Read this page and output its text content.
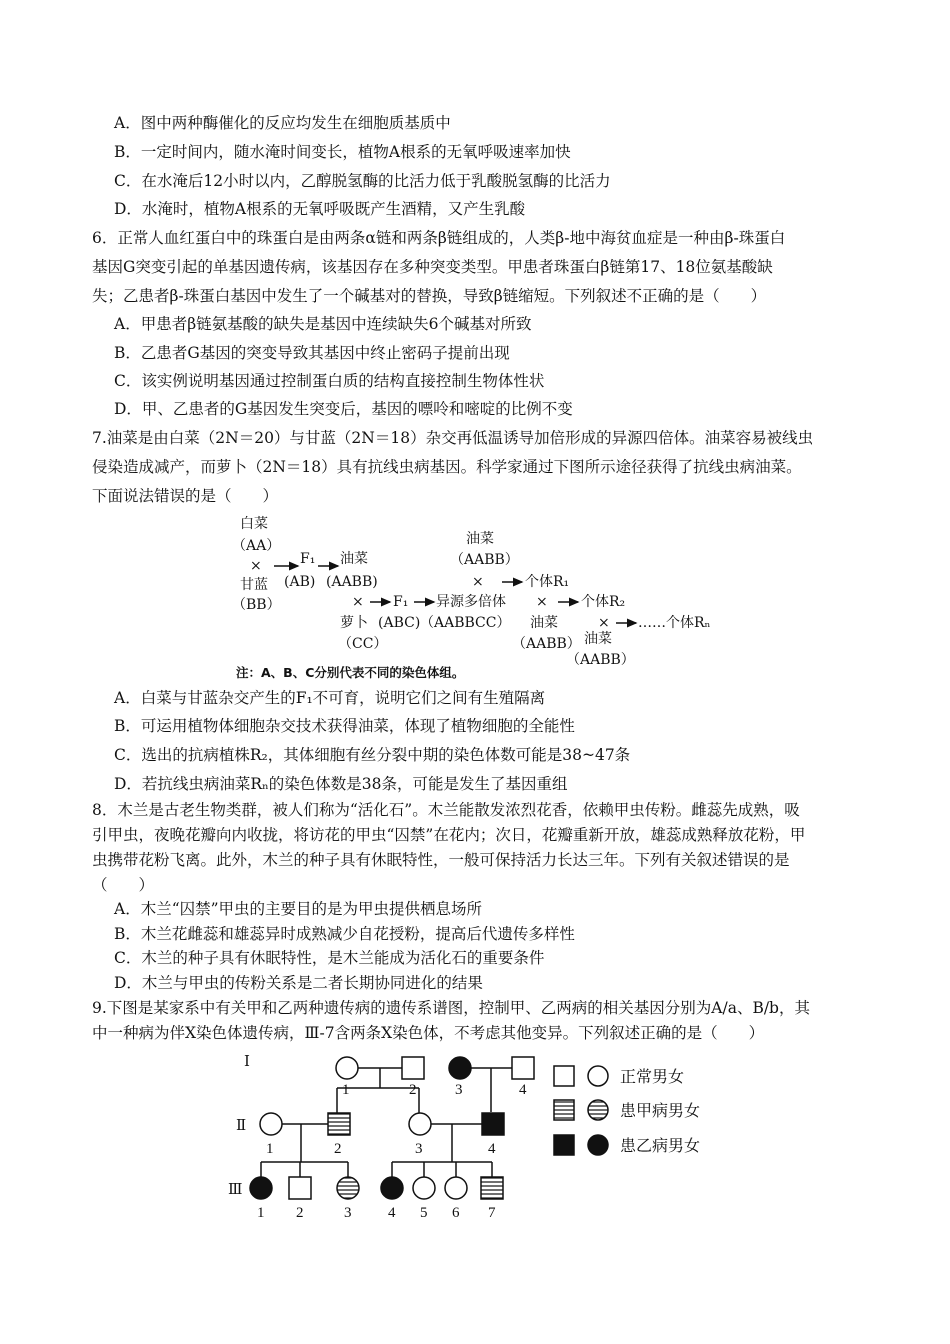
A．图中两种酶催化的反应均发生在细胞质基质中
B．一定时间内，随水淹时间变长，植物A根系的无氧呼吸速率加快
C．在水淹后12小时以内，乙醇脱氢酶的比活力低于乳酸脱氢酶的比活力
D．水淹时，植物A根系的无氧呼吸既产生酒精，又产生乳酸
6．正常人血红蛋白中的珠蛋白是由两条α链和两条β链组成的，人类β-地中海贫血症是一种由β-珠蛋白
基因G突变引起的单基因遗传病，该基因存在多种突变类型。甲患者珠蛋白β链第17、18位氨基酸缺
失；乙患者β-珠蛋白基因中发生了一个碱基对的替换，导致β链缩短。下列叙述不正确的是（　　）
A．甲患者β链氨基酸的缺失是基因中连续缺失6个碱基对所致
B．乙患者G基因的突变导致其基因中终止密码子提前出现
C．该实例说明基因通过控制蛋白质的结构直接控制生物体性状
D．甲、乙患者的G基因发生突变后，基因的嘌呤和嘧啶的比例不变
7.油菜是由白菜（2N＝20）与甘蓝（2N＝18）杂交再低温诱导加倍形成的异源四倍体。油菜容易被线虫
侵染造成减产，而萝卜（2N＝18）具有抗线虫病基因。科学家通过下图所示途径获得了抗线虫病油菜。
下面说法错误的是（　　）
白菜
（AA）
×
甘蓝
（BB）
F₁
(AB)
油菜
(AABB)
× F₁ 异源多倍体
萝卜 (ABC)
（CC）
（AABBCC）
油菜
（AABB）
×	个体R₁
× 个体R₂
油菜
（AABB）
× ……个体Rₙ
油菜
（AABB）
注：A、B、C分别代表不同的染色体组。
A．白菜与甘蓝杂交产生的F₁不可育，说明它们之间有生殖隔离
B．可运用植物体细胞杂交技术获得油菜，体现了植物细胞的全能性
C．选出的抗病植株R₂，其体细胞有丝分裂中期的染色体数可能是38~47条
D．若抗线虫病油菜Rₙ的染色体数是38条，可能是发生了基因重组
8．木兰是古老生物类群，被人们称为“活化石”。木兰能散发浓烈花香，依赖甲虫传粉。雌蕊先成熟，吸
引甲虫，夜晚花瓣向内收拢，将访花的甲虫“囚禁”在花内；次日，花瓣重新开放，雄蕊成熟释放花粉，甲
虫携带花粉飞离。此外，木兰的种子具有休眠特性，一般可保持活力长达三年。下列有关叙述错误的是
（　　）
A．木兰“囚禁”甲虫的主要目的是为甲虫提供栖息场所
B．木兰花雌蕊和雄蕊异时成熟减少自花授粉，提高后代遗传多样性
C．木兰的种子具有休眠特性，是木兰能成为活化石的重要条件
D．木兰与甲虫的传粉关系是二者长期协同进化的结果
9.下图是某家系中有关甲和乙两种遗传病的遗传系谱图，控制甲、乙两病的相关基因分别为A/a、B/b，其
中一种病为伴X染色体遗传病，Ⅲ-7含两条X染色体，不考虑其他变异。下列叙述正确的是（　　）
Ⅰ
Ⅱ
Ⅲ
1	2	3	4
1	2	3	4
1 2	3 4 5 6 7
正常男女
患甲病男女
患乙病男女
